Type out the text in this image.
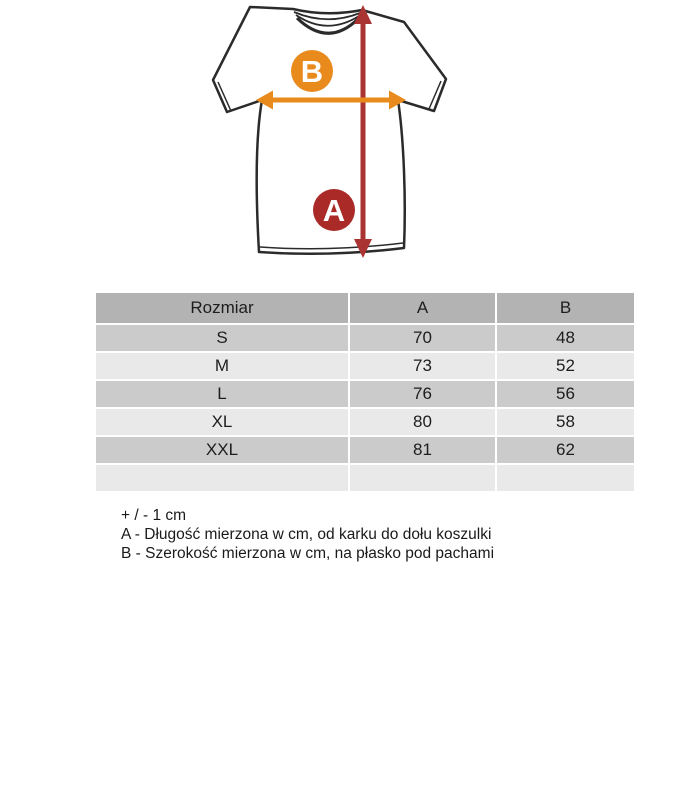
B
A
Rozmiar	A	B
S	70	48
M	73	52
L	76	56
XL	80	58
XXL	81	62
+ / - 1 cm
A - Długość mierzona w cm, od karku do dołu koszulki
B - Szerokość mierzona w cm, na płasko pod pachami
